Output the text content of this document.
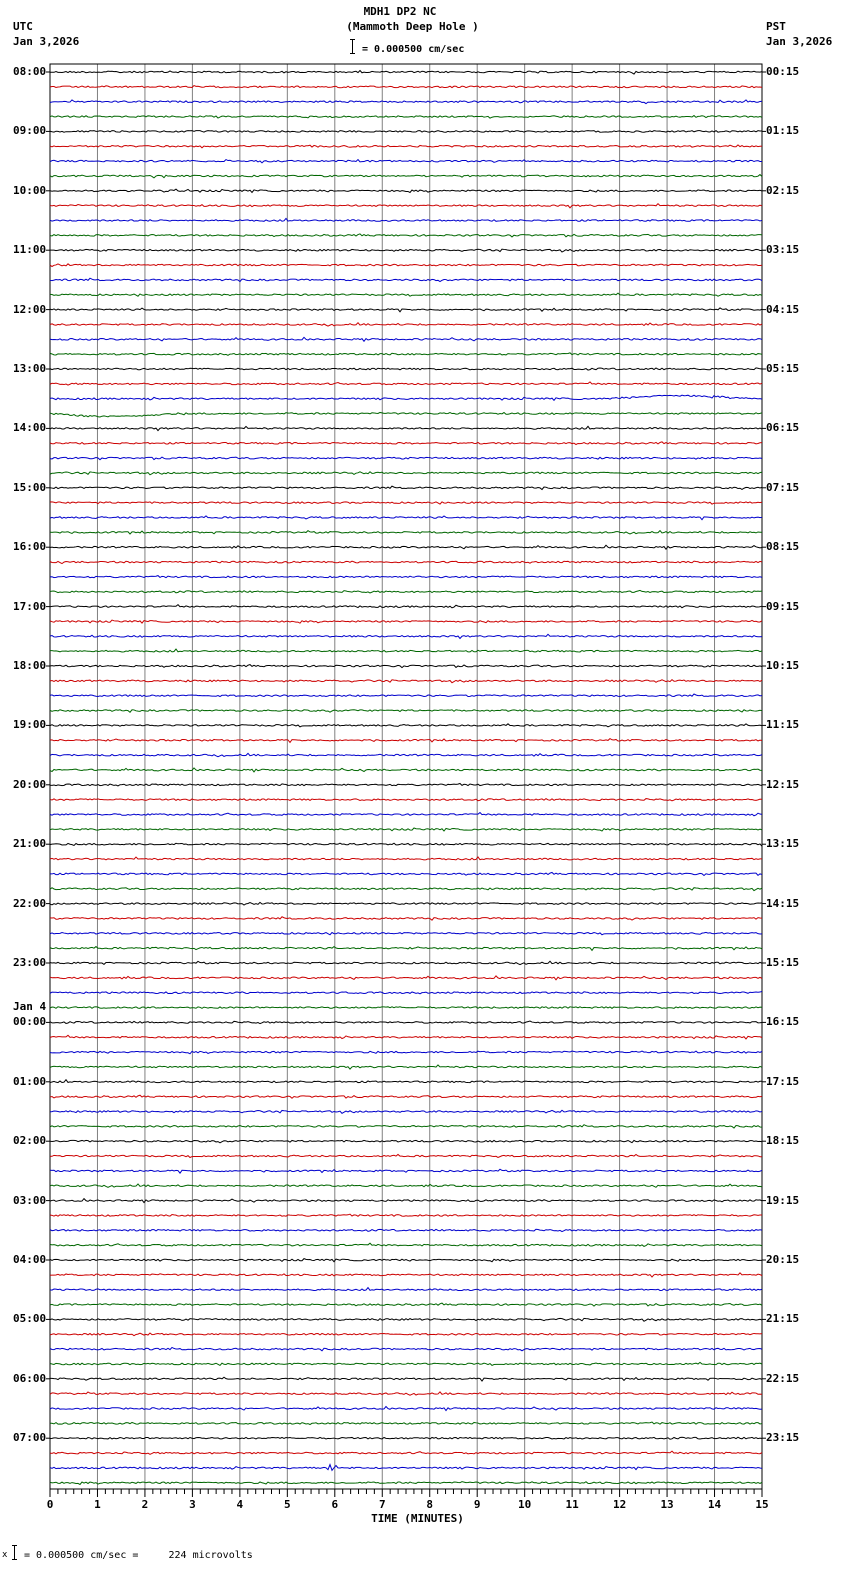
UTC
Jan 3,2026
MDH1 DP2 NC
(Mammoth Deep Hole )
= 0.000500 cm/sec
PST
Jan 3,2026
0	1	2	3	4	5	6	7	8	9	10	11	12	13	14	15
08:00
09:00
10:00
11:00
12:00
13:00
14:00
15:00
16:00
17:00
18:00
19:00
20:00
21:00
22:00
23:00
00:00
Jan 4
01:00
02:00
03:00
04:00
05:00
06:00
07:00
00:15
01:15
02:15
03:15
04:15
05:15
06:15
07:15
08:15
09:15
10:15
11:15
12:15
13:15
14:15
15:15
16:15
17:15
18:15
19:15
20:15
21:15
22:15
23:15
TIME (MINUTES)
x = 0.000500 cm/sec =     224 microvolts
